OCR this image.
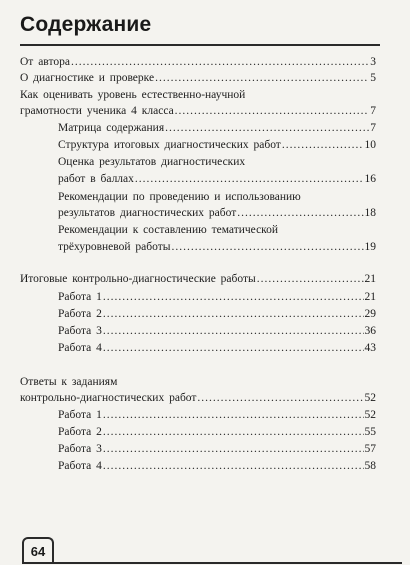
Содержание
От автора .....	3
О диагностике и проверке .....	5
Как оценивать уровень естественно-научной
грамотности ученика 4 класса .....	7
Матрица содержания .....	7
Структура итоговых диагностических работ .....	10
Оценка результатов диагностических
работ в баллах .....	16
Рекомендации по проведению и использованию
результатов диагностических работ .....	18
Рекомендации к составлению тематической
трёхуровневой работы .....	19
Итоговые контрольно-диагностические работы .....	21
Работа 1 .....	21
Работа 2 .....	29
Работа 3 .....	36
Работа 4 .....	43
Ответы к заданиям
контрольно-диагностических работ .....	52
Работа 1 .....	52
Работа 2 .....	55
Работа 3 .....	57
Работа 4 .....	58
64
